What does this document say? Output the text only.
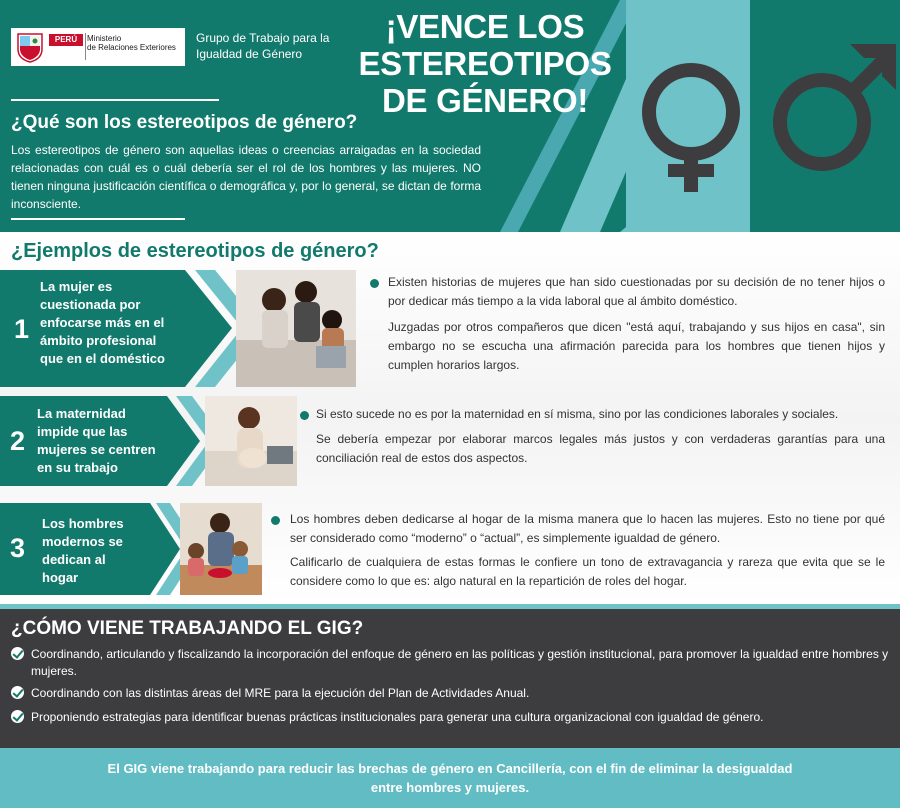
PERÚ	Ministerio
de Relaciones Exteriores
Grupo de Trabajo para la Igualdad de Género
¡VENCE LOS
ESTEREOTIPOS
DE GÉNERO!
¿Qué son los estereotipos de género?
Los estereotipos de género son aquellas ideas o creencias arraigadas en la sociedad relacionadas con cuál es o cuál debería ser el rol de los hombres y las mujeres. NO tienen ninguna justificación científica o demográfica y, por lo general, se dictan de forma inconsciente.
¿Ejemplos de estereotipos de género?
1
La mujer es cuestionada por enfocarse más en el ámbito profesional que en el doméstico
Existen historias de mujeres que han sido cuestionadas por su decisión de no tener hijos o por dedicar más tiempo a la vida laboral que al ámbito doméstico.
Juzgadas por otros compañeros que dicen "está aquí, trabajando y sus hijos en casa", sin embargo no se escucha una afirmación parecida para los hombres que tienen hijos y cumplen horarios largos.
2
La maternidad impide que las mujeres se centren en su trabajo
Si esto sucede no es por la maternidad en sí misma, sino por las condiciones laborales y sociales.
Se debería empezar por elaborar marcos legales más justos y con verdaderas garantías para una conciliación real de estos dos aspectos.
3
Los hombres modernos se dedican al hogar
Los hombres deben dedicarse al hogar de la misma manera que lo hacen las mujeres. Esto no tiene por qué ser considerado como “moderno” o “actual”, es simplemente igualdad de género.
Calificarlo de cualquiera de estas formas le confiere un tono de extravagancia y rareza que evita que se le considere como lo que es: algo natural en la repartición de roles del hogar.
¿CÓMO VIENE TRABAJANDO EL GIG?
Coordinando, articulando y fiscalizando la incorporación del enfoque de género en las políticas y gestión institucional, para promover la igualdad entre hombres y mujeres.
Coordinando con las distintas áreas del MRE para la ejecución del Plan de Actividades Anual.
Proponiendo estrategias para identificar buenas prácticas institucionales para generar una cultura organizacional con igualdad de género.
El GIG viene trabajando para reducir las brechas de género en Cancillería, con el fin de eliminar la desigualdad entre hombres y mujeres.
